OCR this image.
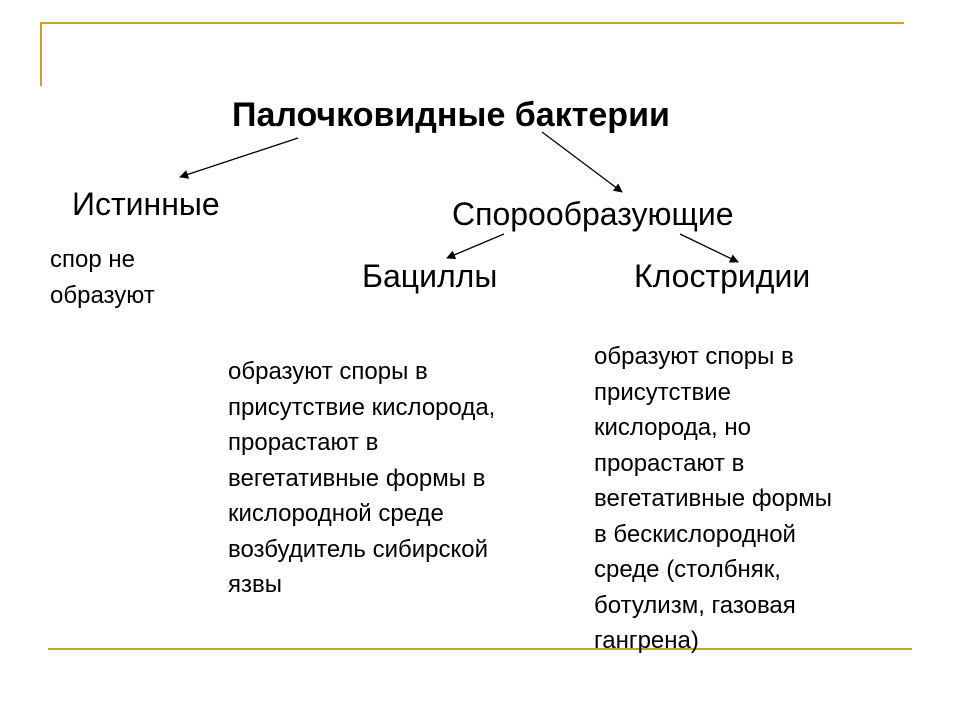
Палочковидные бактерии
Истинные
спор не
образуют
Спорообразующие
Бациллы	Клостридии
образуют споры в
присутствие кислорода,
прорастают в
вегетативные формы в
кислородной среде
возбудитель сибирской
язвы
образуют споры в
присутствие
кислорода, но
прорастают в
вегетативные формы
в бескислородной
среде (столбняк,
ботулизм, газовая
гангрена)
